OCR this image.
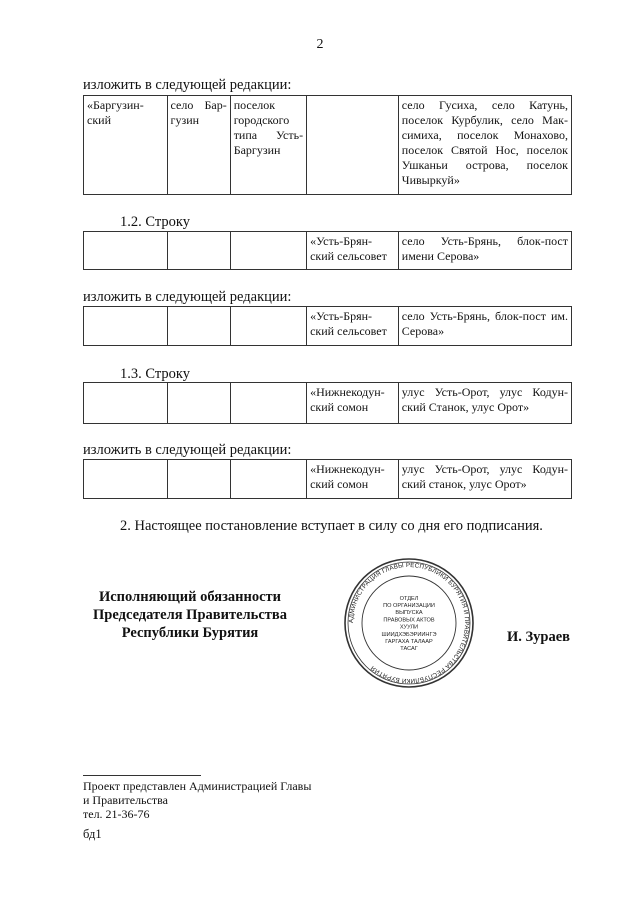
2
изложить в следующей редакции:
«Баргузин-ский	село Бар-гузин	поселок городского типа Усть-Баргузин		село Гусиха, село Катунь, поселок Курбулик, село Мак-симиха, поселок Монахово, поселок Святой Нос, поселок Ушканьи острова, поселок Чивыркуй»
1.2. Строку
			«Усть-Брян-ский сельсовет	село Усть-Брянь, блок-пост имени Серова»
изложить в следующей редакции:
			«Усть-Брян-ский сельсовет	село Усть-Брянь, блок-пост им. Серова»
1.3. Строку
			«Нижнекодун-ский сомон	улус Усть-Орот, улус Кодун-ский Станок, улус Орот»
изложить в следующей редакции:
			«Нижнекодун-ский сомон	улус Усть-Орот, улус Кодун-ский станок, улус Орот»
2. Настоящее постановление вступает в силу со дня его подписания.
Исполняющий обязанности
Председателя Правительства
Республики Бурятия
АДМИНИСТРАЦИЯ ГЛАВЫ РЕСПУБЛИКИ БУРЯТИЯ И ПРАВИТЕЛЬСТВА РЕСПУБЛИКИ БУРЯТИЯ
ОТДЕЛ
ПО ОРГАНИЗАЦИИ
ВЫПУСКА
ПРАВОВЫХ АКТОВ
ХУУЛИ
ШИИДХЭБЭРИИНГЭ
ГАРГАХА ТАЛААР
ТАСАГ
И. Зураев
Проект представлен Администрацией Главы
и Правительства
тел. 21-36-76
бд1
